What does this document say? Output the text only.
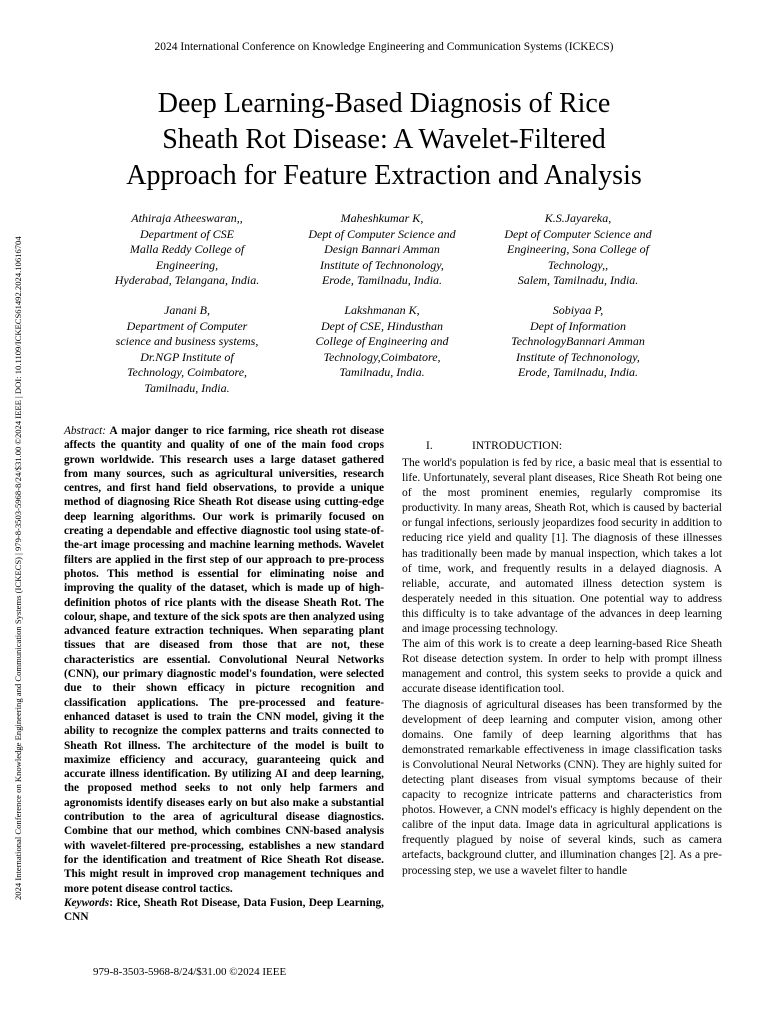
2024 International Conference on Knowledge Engineering and Communication Systems (ICKECS)
Deep Learning-Based Diagnosis of Rice
Sheath Rot Disease: A Wavelet-Filtered
Approach for Feature Extraction and Analysis
Athiraja Atheeswaran,,
Department of CSE
Malla Reddy College of
Engineering,
Hyderabad, Telangana, India.
Maheshkumar K,
Dept of Computer Science and
Design Bannari Amman
Institute of Technonology,
Erode, Tamilnadu, India.
K.S.Jayareka,
Dept of Computer Science and
Engineering, Sona College of
Technology,,
Salem, Tamilnadu, India.
Janani B,
Department of Computer
science and business systems,
Dr.NGP Institute of
Technology, Coimbatore,
Tamilnadu, India.
Lakshmanan K,
Dept of CSE, Hindusthan
College of Engineering and
Technology,Coimbatore,
Tamilnadu, India.
Sobiyaa P,
Dept of Information
TechnologyBannari Amman
Institute of Technonology,
Erode, Tamilnadu, India.
2024 International Conference on Knowledge Engineering and Communication Systems (ICKECS) | 979-8-3503-5968-8/24/$31.00 ©2024 IEEE | DOI: 10.1109/ICKECS61492.2024.10616704	Abstract: A major danger to rice farming, rice sheath rot disease affects the quantity and quality of one of the main food crops grown worldwide. This research uses a large dataset gathered from many sources, such as agricultural universities, research centres, and first hand field observations, to provide a unique method of diagnosing Rice Sheath Rot disease using cutting-edge deep learning algorithms. Our work is primarily focused on creating a dependable and effective diagnostic tool using state-of-the-art image processing and machine learning methods. Wavelet filters are applied in the first step of our approach to pre-process photos. This method is essential for eliminating noise and improving the quality of the dataset, which is made up of high-definition photos of rice plants with the disease Sheath Rot. The colour, shape, and texture of the sick spots are then analyzed using advanced feature extraction techniques. When separating plant tissues that are diseased from those that are not, these characteristics are essential. Convolutional Neural Networks (CNN), our primary diagnostic model's foundation, were selected due to their shown efficacy in picture recognition and classification applications. The pre-processed and feature-enhanced dataset is used to train the CNN model, giving it the ability to recognize the complex patterns and traits connected to Sheath Rot illness. The architecture of the model is built to maximize efficiency and accuracy, guaranteeing quick and accurate illness identification. By utilizing AI and deep learning, the proposed method seeks to not only help farmers and agronomists identify diseases early on but also make a substantial contribution to the area of agricultural disease diagnostics. Combine that our method, which combines CNN-based analysis with wavelet-filtered pre-processing, establishes a new standard for the identification and treatment of Rice Sheath Rot disease. This might result in improved crop management techniques and more potent disease control tactics.
Keywords: Rice, Sheath Rot Disease, Data Fusion, Deep Learning, CNN
I.	INTRODUCTION:

The world's population is fed by rice, a basic meal that is essential to life. Unfortunately, several plant diseases, Rice Sheath Rot being one of the most prominent enemies, regularly compromise its productivity. In many areas, Sheath Rot, which is caused by bacterial or fungal infections, seriously jeopardizes food security in addition to reducing rice yield and quality [1]. The diagnosis of these illnesses has traditionally been made by manual inspection, which takes a lot of time, work, and frequently results in a delayed diagnosis. A reliable, accurate, and automated illness detection system is desperately needed in this situation. One potential way to address this difficulty is to take advantage of the advances in deep learning and image processing technology.

The aim of this work is to create a deep learning-based Rice Sheath Rot disease detection system. In order to help with prompt illness management and control, this system seeks to provide a quick and accurate disease identification tool.

The diagnosis of agricultural diseases has been transformed by the development of deep learning and computer vision, among other domains. One family of deep learning algorithms that has demonstrated remarkable effectiveness in image classification tasks is Convolutional Neural Networks (CNN). They are highly suited for detecting plant diseases from visual symptoms because of their capacity to recognize intricate patterns and characteristics from photos. However, a CNN model's efficacy is highly dependent on the calibre of the input data. Image data in agricultural applications is frequently plagued by noise of several kinds, such as camera artefacts, background clutter, and illumination changes [2]. As a pre-processing step, we use a wavelet filter to handle

979-8-3503-5968-8/24/$31.00 ©2024 IEEE
